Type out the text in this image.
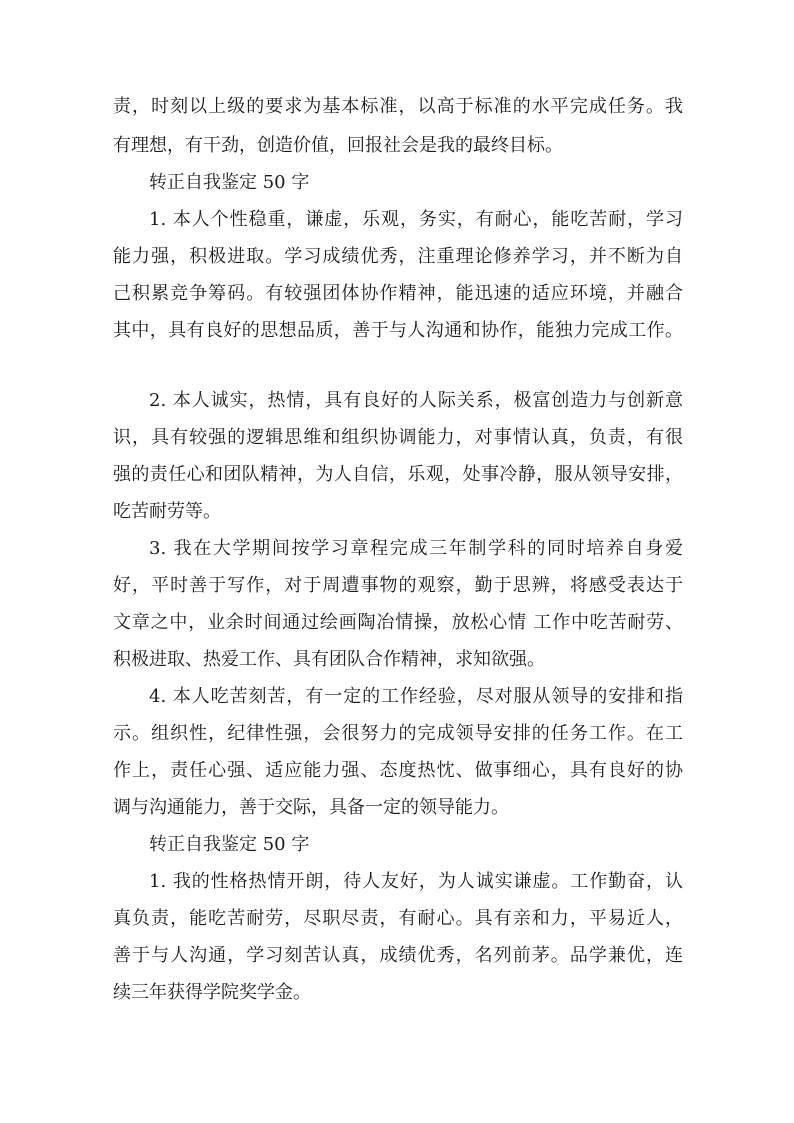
责，时刻以上级的要求为基本标准，以高于标准的水平完成任务。我
有理想，有干劲，创造价值，回报社会是我的最终目标。
转正自我鉴定 50 字
1. 本人个性稳重，谦虚，乐观，务实，有耐心，能吃苦耐，学习
能力强，积极进取。学习成绩优秀，注重理论修养学习，并不断为自
己积累竞争筹码。有较强团体协作精神，能迅速的适应环境，并融合
其中，具有良好的思想品质，善于与人沟通和协作，能独力完成工作。
2. 本人诚实，热情，具有良好的人际关系，极富创造力与创新意
识，具有较强的逻辑思维和组织协调能力，对事情认真，负责，有很
强的责任心和团队精神，为人自信，乐观，处事冷静，服从领导安排，
吃苦耐劳等。
3. 我在大学期间按学习章程完成三年制学科的同时培养自身爱
好，平时善于写作，对于周遭事物的观察，勤于思辨，将感受表达于
文章之中，业余时间通过绘画陶冶情操，放松心情 工作中吃苦耐劳、
积极进取、热爱工作、具有团队合作精神，求知欲强。
4. 本人吃苦刻苦，有一定的工作经验，尽对服从领导的安排和指
示。组织性，纪律性强，会很努力的完成领导安排的任务工作。在工
作上，责任心强、适应能力强、态度热忱、做事细心，具有良好的协
调与沟通能力，善于交际，具备一定的领导能力。
转正自我鉴定 50 字
1. 我的性格热情开朗，待人友好，为人诚实谦虚。工作勤奋，认
真负责，能吃苦耐劳，尽职尽责，有耐心。具有亲和力，平易近人，
善于与人沟通，学习刻苦认真，成绩优秀，名列前茅。品学兼优，连
续三年获得学院奖学金。
